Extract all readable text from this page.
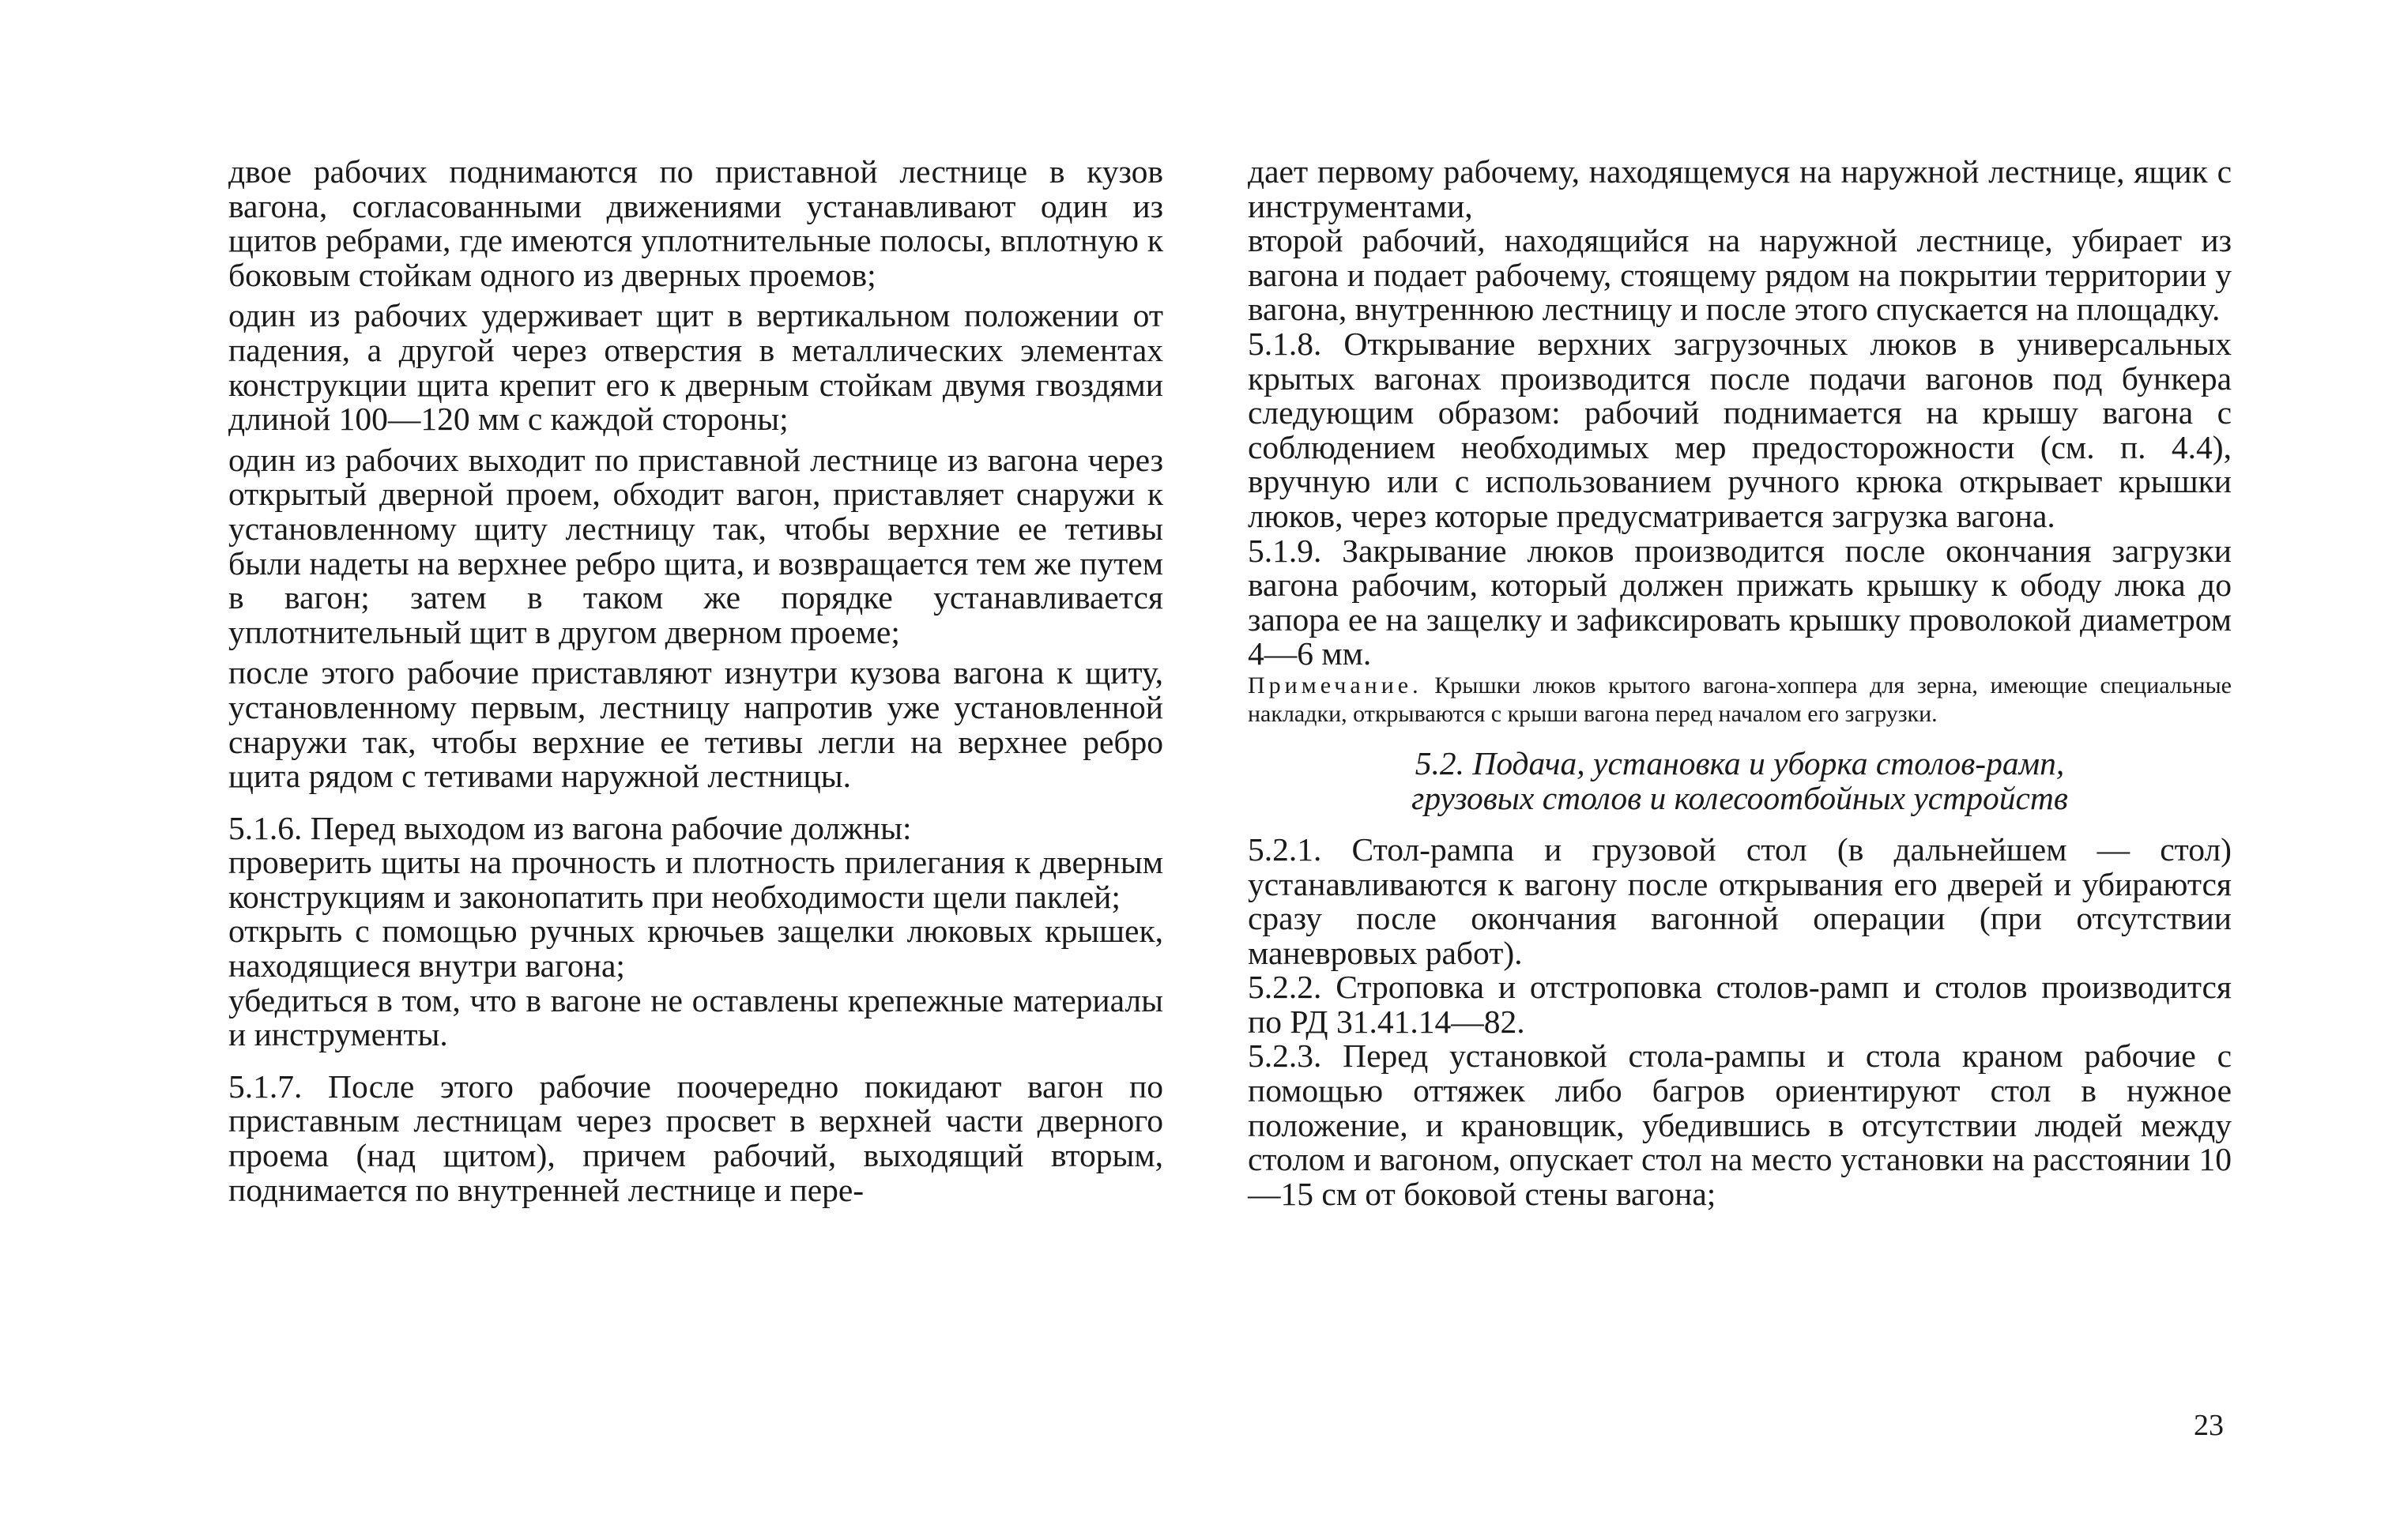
двое рабочих поднимаются по приставной лестнице в кузов вагона, согласованными движениями устанавливают один из щитов ребрами, где имеются уплотнительные полосы, вплотную к боковым стойкам одного из дверных проемов;

один из рабочих удерживает щит в вертикальном положении от падения, а другой через отверстия в металлических элементах конструкции щита крепит его к дверным стойкам двумя гвоздями длиной 100—120 мм с каждой стороны;

один из рабочих выходит по приставной лестнице из вагона через открытый дверной проем, обходит вагон, приставляет снаружи к установленному щиту лестницу так, чтобы верхние ее тетивы были надеты на верхнее ребро щита, и возвращается тем же путем в вагон; затем в таком же порядке устанавливается уплотнительный щит в другом дверном проеме;

после этого рабочие приставляют изнутри кузова вагона к щиту, установленному первым, лестницу напротив уже установленной снаружи так, чтобы верхние ее тетивы легли на верхнее ребро щита рядом с тетивами наружной лестницы.

5.1.6. Перед выходом из вагона рабочие должны:

проверить щиты на прочность и плотность прилегания к дверным конструкциям и законопатить при необходимости щели паклей;

открыть с помощью ручных крючьев защелки люковых крышек, находящиеся внутри вагона;

убедиться в том, что в вагоне не оставлены крепежные материалы и инструменты.

5.1.7. После этого рабочие поочередно покидают вагон по приставным лестницам через просвет в верхней части дверного проема (над щитом), причем рабочий, выходящий вторым, поднимается по внутренней лестнице и пере-

дает первому рабочему, находящемуся на наружной лестнице, ящик с инструментами,

второй рабочий, находящийся на наружной лестнице, убирает из вагона и подает рабочему, стоящему рядом на покрытии территории у вагона, внутреннюю лестницу и после этого спускается на площадку.

5.1.8. Открывание верхних загрузочных люков в универсальных крытых вагонах производится после подачи вагонов под бункера следующим образом: рабочий поднимается на крышу вагона с соблюдением необходимых мер предосторожности (см. п. 4.4), вручную или с использованием ручного крюка открывает крышки люков, через которые предусматривается загрузка вагона.

5.1.9. Закрывание люков производится после окончания загрузки вагона рабочим, который должен прижать крышку к ободу люка до запора ее на защелку и зафиксировать крышку проволокой диаметром 4—6 мм.

Примечание. Крышки люков крытого вагона-хоппера для зерна, имеющие специальные накладки, открываются с крыши вагона перед началом его загрузки.

5.2. Подача, установка и уборка столов-рамп,
грузовых столов и колесоотбойных устройств

5.2.1. Стол-рампа и грузовой стол (в дальнейшем — стол) устанавливаются к вагону после открывания его дверей и убираются сразу после окончания вагонной операции (при отсутствии маневровых работ).

5.2.2. Строповка и отстроповка столов-рамп и столов производится по РД 31.41.14—82.

5.2.3. Перед установкой стола-рампы и стола краном рабочие с помощью оттяжек либо багров ориентируют стол в нужное положение, и крановщик, убедившись в отсутствии людей между столом и вагоном, опускает стол на место установки на расстоянии 10—15 см от боковой стены вагона;

23
